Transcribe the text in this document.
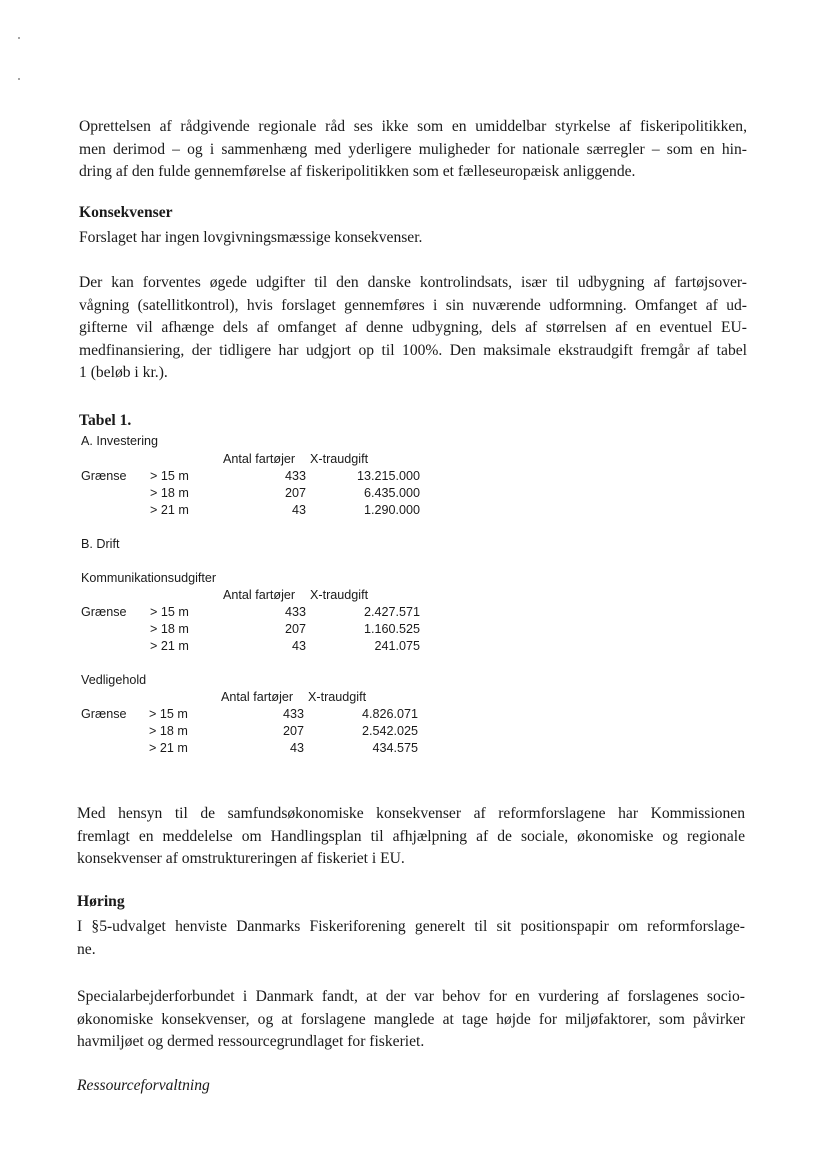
Oprettelsen af rådgivende regionale råd ses ikke som en umiddelbar styrkelse af fiskeripolitikken,
men derimod – og i sammenhæng med yderligere muligheder for nationale særregler – som en hin-
dring af den fulde gennemførelse af fiskeripolitikken som et fælleseuropæisk anliggende.

Konsekvenser

Forslaget har ingen lovgivningsmæssige konsekvenser.

Der kan forventes øgede udgifter til den danske kontrolindsats, især til udbygning af fartøjsover-
vågning (satellitkontrol), hvis forslaget gennemføres i sin nuværende udformning. Omfanget af ud-
gifterne vil afhænge dels af omfanget af denne udbygning, dels af størrelsen af en eventuel EU-
medfinansiering, der tidligere har udgjort op til 100%. Den maksimale ekstraudgift fremgår af tabel
1 (beløb i kr.).

Tabel 1.

A. Investering
Antal fartøjer X-traudgift
Grænse > 15 m	433	13.215.000
> 18 m	207	6.435.000
> 21 m	43	1.290.000
B. Drift
Kommunikationsudgifter
Antal fartøjer X-traudgift
Grænse > 15 m	433	2.427.571
> 18 m	207	1.160.525
> 21 m	43	241.075
Vedligehold
Antal fartøjer X-traudgift
Grænse > 15 m	433	4.826.071
> 18 m	207	2.542.025
> 21 m	43	434.575

Med hensyn til de samfundsøkonomiske konsekvenser af reformforslagene har Kommissionen
fremlagt en meddelelse om Handlingsplan til afhjælpning af de sociale, økonomiske og regionale
konsekvenser af omstruktureringen af fiskeriet i EU.

Høring

I §5-udvalget henviste Danmarks Fiskeriforening generelt til sit positionspapir om reformforslage-
ne.

Specialarbejderforbundet i Danmark fandt, at der var behov for en vurdering af forslagenes socio-
økonomiske konsekvenser, og at forslagene manglede at tage højde for miljøfaktorer, som påvirker
havmiljøet og dermed ressourcegrundlaget for fiskeriet.

Ressourceforvaltning
